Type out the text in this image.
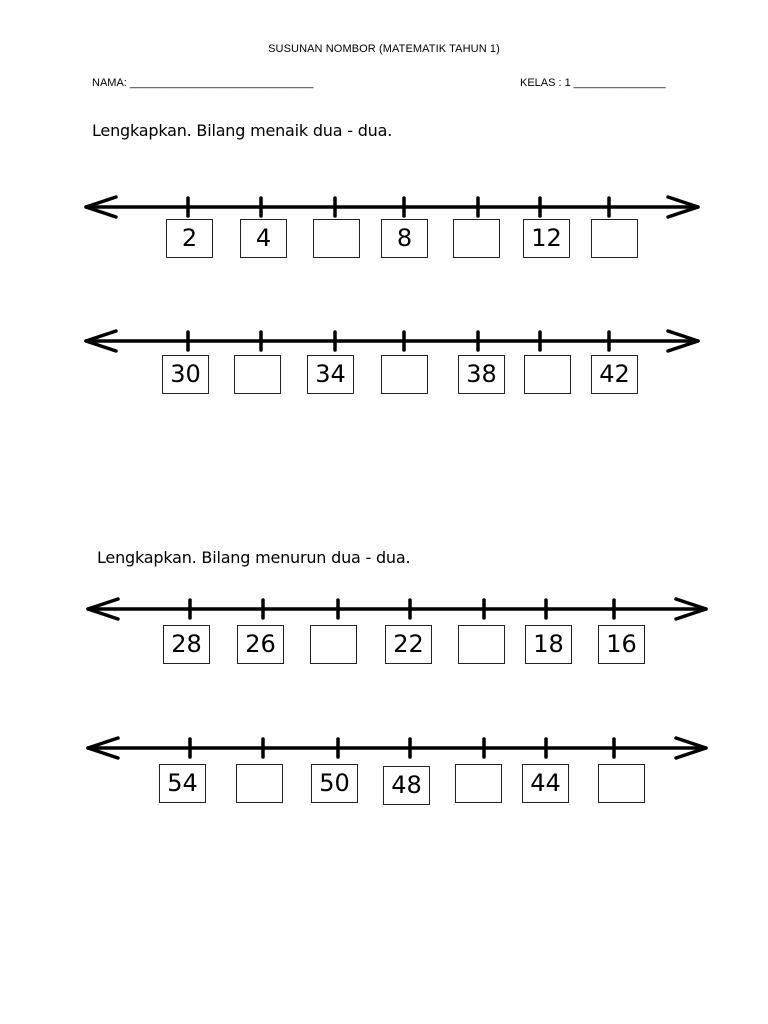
SUSUNAN NOMBOR (MATEMATIK TAHUN 1)
NAMA: ______________________________	KELAS : 1 _______________
Lengkapkan. Bilang menaik dua - dua.
Lengkapkan. Bilang menurun dua - dua.
2	4	8	12
30	34	38	42
28	26	22	18	16
54	50	48	44
